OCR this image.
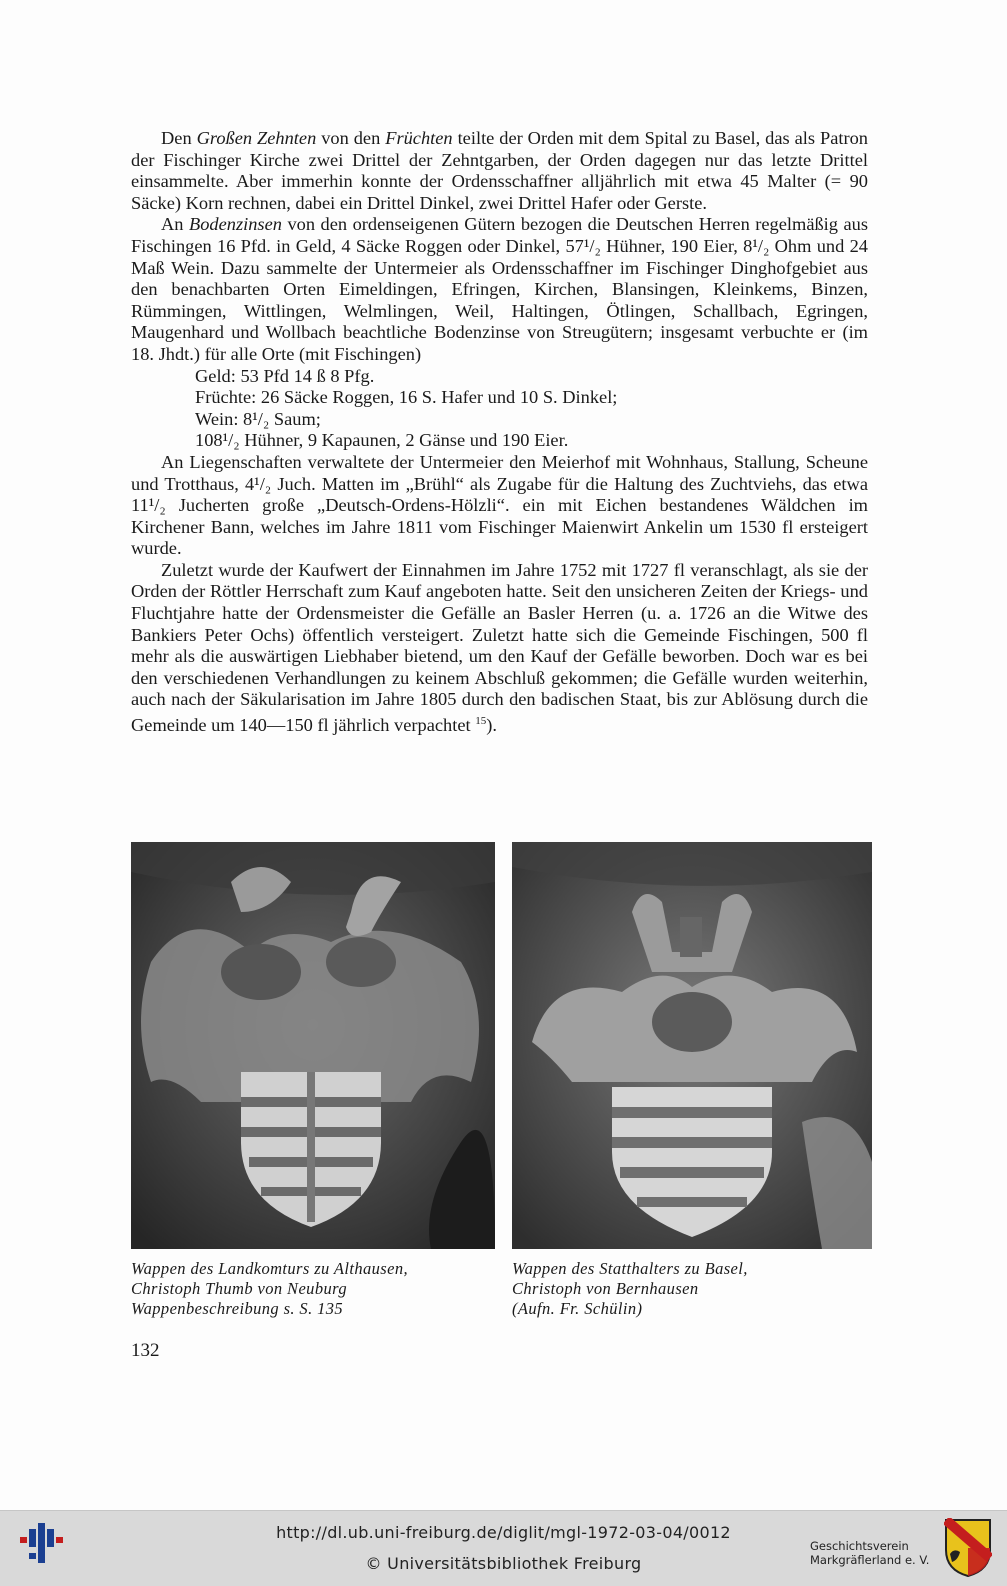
Den Großen Zehnten von den Früchten teilte der Orden mit dem Spital zu Basel, das als Patron der Fischinger Kirche zwei Drittel der Zehntgarben, der Orden dagegen nur das letzte Drittel einsammelte. Aber immerhin konnte der Ordensschaffner alljährlich mit etwa 45 Malter (= 90 Säcke) Korn rechnen, dabei ein Drittel Dinkel, zwei Drittel Hafer oder Gerste.

An Bodenzinsen von den ordenseigenen Gütern bezogen die Deutschen Herren regelmäßig aus Fischingen 16 Pfd. in Geld, 4 Säcke Roggen oder Dinkel, 57¹/₂ Hühner, 190 Eier, 8¹/₂ Ohm und 24 Maß Wein. Dazu sammelte der Untermeier als Ordensschaffner im Fischinger Dinghofgebiet aus den benachbarten Orten Eimeldingen, Efringen, Kirchen, Blansingen, Kleinkems, Binzen, Rümmingen, Wittlingen, Welmlingen, Weil, Haltingen, Ötlingen, Schallbach, Egringen, Maugenhard und Wollbach beachtliche Bodenzinse von Streugütern; insgesamt verbuchte er (im 18. Jhdt.) für alle Orte (mit Fischingen)

Geld: 53 Pfd 14 ß 8 Pfg.
Früchte: 26 Säcke Roggen, 16 S. Hafer und 10 S. Dinkel;
Wein: 8¹/₂ Saum;
108¹/₂ Hühner, 9 Kapaunen, 2 Gänse und 190 Eier.

An Liegenschaften verwaltete der Untermeier den Meierhof mit Wohnhaus, Stallung, Scheune und Trotthaus, 4¹/₂ Juch. Matten im „Brühl“ als Zugabe für die Haltung des Zuchtviehs, das etwa 11¹/₂ Jucherten große „Deutsch-Ordens-Hölzli“. ein mit Eichen bestandenes Wäldchen im Kirchener Bann, welches im Jahre 1811 vom Fischinger Maienwirt Ankelin um 1530 fl ersteigert wurde.

Zuletzt wurde der Kaufwert der Einnahmen im Jahre 1752 mit 1727 fl veranschlagt, als sie der Orden der Röttler Herrschaft zum Kauf angeboten hatte. Seit den unsicheren Zeiten der Kriegs- und Fluchtjahre hatte der Ordensmeister die Gefälle an Basler Herren (u. a. 1726 an die Witwe des Bankiers Peter Ochs) öffentlich versteigert. Zuletzt hatte sich die Gemeinde Fischingen, 500 fl mehr als die auswärtigen Liebhaber bietend, um den Kauf der Gefälle beworben. Doch war es bei den verschiedenen Verhandlungen zu keinem Abschluß gekommen; die Gefälle wurden weiterhin, auch nach der Säkularisation im Jahre 1805 durch den badischen Staat, bis zur Ablösung durch die Gemeinde um 140—150 fl jährlich verpachtet $^{15}$).

Wappen des Landkomturs zu Althausen,
Christoph Thumb von Neuburg
Wappenbeschreibung s. S. 135
Wappen des Statthalters zu Basel,
Christoph von Bernhausen
(Aufn. Fr. Schülin)
132
http://dl.ub.uni-freiburg.de/diglit/mgl-1972-03-04/0012
© Universitätsbibliothek Freiburg
Geschichtsverein
Markgräflerland e. V.
